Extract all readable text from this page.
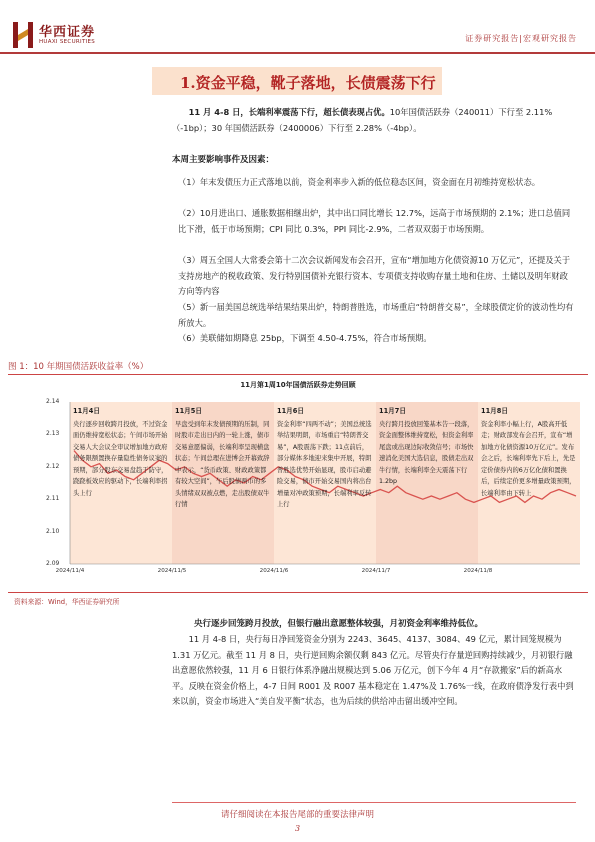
华西证券
HUAXI SECURITIES	证券研究报告|宏观研究报告
1.资金平稳，靴子落地，长债震荡下行
　　11 月 4-8 日，长端利率震荡下行，超长债表现占优。10年国债活跃券（240011）下行至 2.11%（-1bp）；30 年国债活跃券（2400006）下行至 2.28%（-4bp）。
本周主要影响事件及因素：
（1）年末发债压力正式落地以前，资金利率步入新的低位稳态区间，资金面在月初维持宽松状态。
（2）10月进出口、通胀数据相继出炉，其中出口同比增长 12.7%，远高于市场预期的 2.1%；进口总值同比下滑，低于市场预期；CPI 同比 0.3%，PPI 同比-2.9%，二者双双弱于市场预期。
（3）周五全国人大常委会第十二次会议新闻发布会召开，宣布“增加地方化债资源10 万亿元”，还提及关于支持房地产的税收政策、发行特别国债补充银行资本、专项债支持收购存量土地和住房、土储以及明年财政方向等内容
（5）新一届美国总统选举结果结果出炉，特朗普胜选，市场重启“特朗普交易”，全球股债定价的波动性均有所放大。
（6）美联储如期降息 25bp，下调至 4.50-4.75%，符合市场预期。
图 1：10 年期国债活跃收益率（%）
11月第1周10年国债活跃券走势回顾
2.14
2.13
2.12
2.11
2.10
2.09
11月4日
央行逐步回收跨月投放，不过资金面仍维持宽松状态；午间市场开始交易人大会议全审议增加地方政府债务限额置换存量隐性债务议案的预期，部分股东交易盘趋于防守，跷跷板效应的驱动下，长端利率拐头上行
11月5日
早盘受到年末发债预期的压制，同时股市走出日内的一轮上涨，债市交易意愿偏弱，长端利率呈现横盘状态；午间总理在进博会开幕致辞中表示，“货币政策、财政政策都有较大空间”，午后股债两市的多头情绪双双被点燃，走出股债双牛行情
11月6日
资金利率“四两不动”；美国总统选举结果明朗，市场重启“特朗普交易”，A股震荡下跌；11点前后，部分媒体多地迎来集中开展，特朗普胜选优势开始显现，股市启动避险交易，债市开始交易国内将出台增量对冲政策预期，长端利率反转上行
11月7日
央行跨月投放回笼基本告一段落，资金面整体维持宽松，但资金利率尾盘或出现边际收敛信号；市场快速消化美国大选信息，股债走出双牛行情，长端利率全天震荡下行1.2bp
11月8日
资金利率小幅上行，A股高开低走；财政部发布会召开，宣布“增加地方化债资源10万亿元”。发布会之后，长端利率先下后上，先是定价债券内的6万亿化债和置换后，后续定价更多增量政策预期，长端利率由下转上
2024/11/4	2024/11/5	2024/11/6	2024/11/7	2024/11/8
资料来源：Wind，华西证券研究所
央行逐步回笼跨月投放，但银行融出意愿整体较强，月初资金利率维持低位。
　　11 月 4-8 日，央行每日净回笼资金分别为 2243、3645、4137、3084、49 亿元，累计回笼规模为 1.31 万亿元。截至 11 月 8 日，央行逆回购余额仅剩 843 亿元。尽管央行存量逆回购持续减少，月初银行融出意愿依然较强，11 月 6 日银行体系净融出规模达到 5.06 万亿元，创下今年 4 月“存款搬家”后的新高水平。反映在资金价格上，4-7 日间 R001 及 R007 基本稳定在 1.47%及 1.76%一线，在政府债净发行表中到来以前，资金市场进入“美自发平衡”状态，也为后续的供给冲击留出缓冲空间。
请仔细阅读在本报告尾部的重要法律声明
3
